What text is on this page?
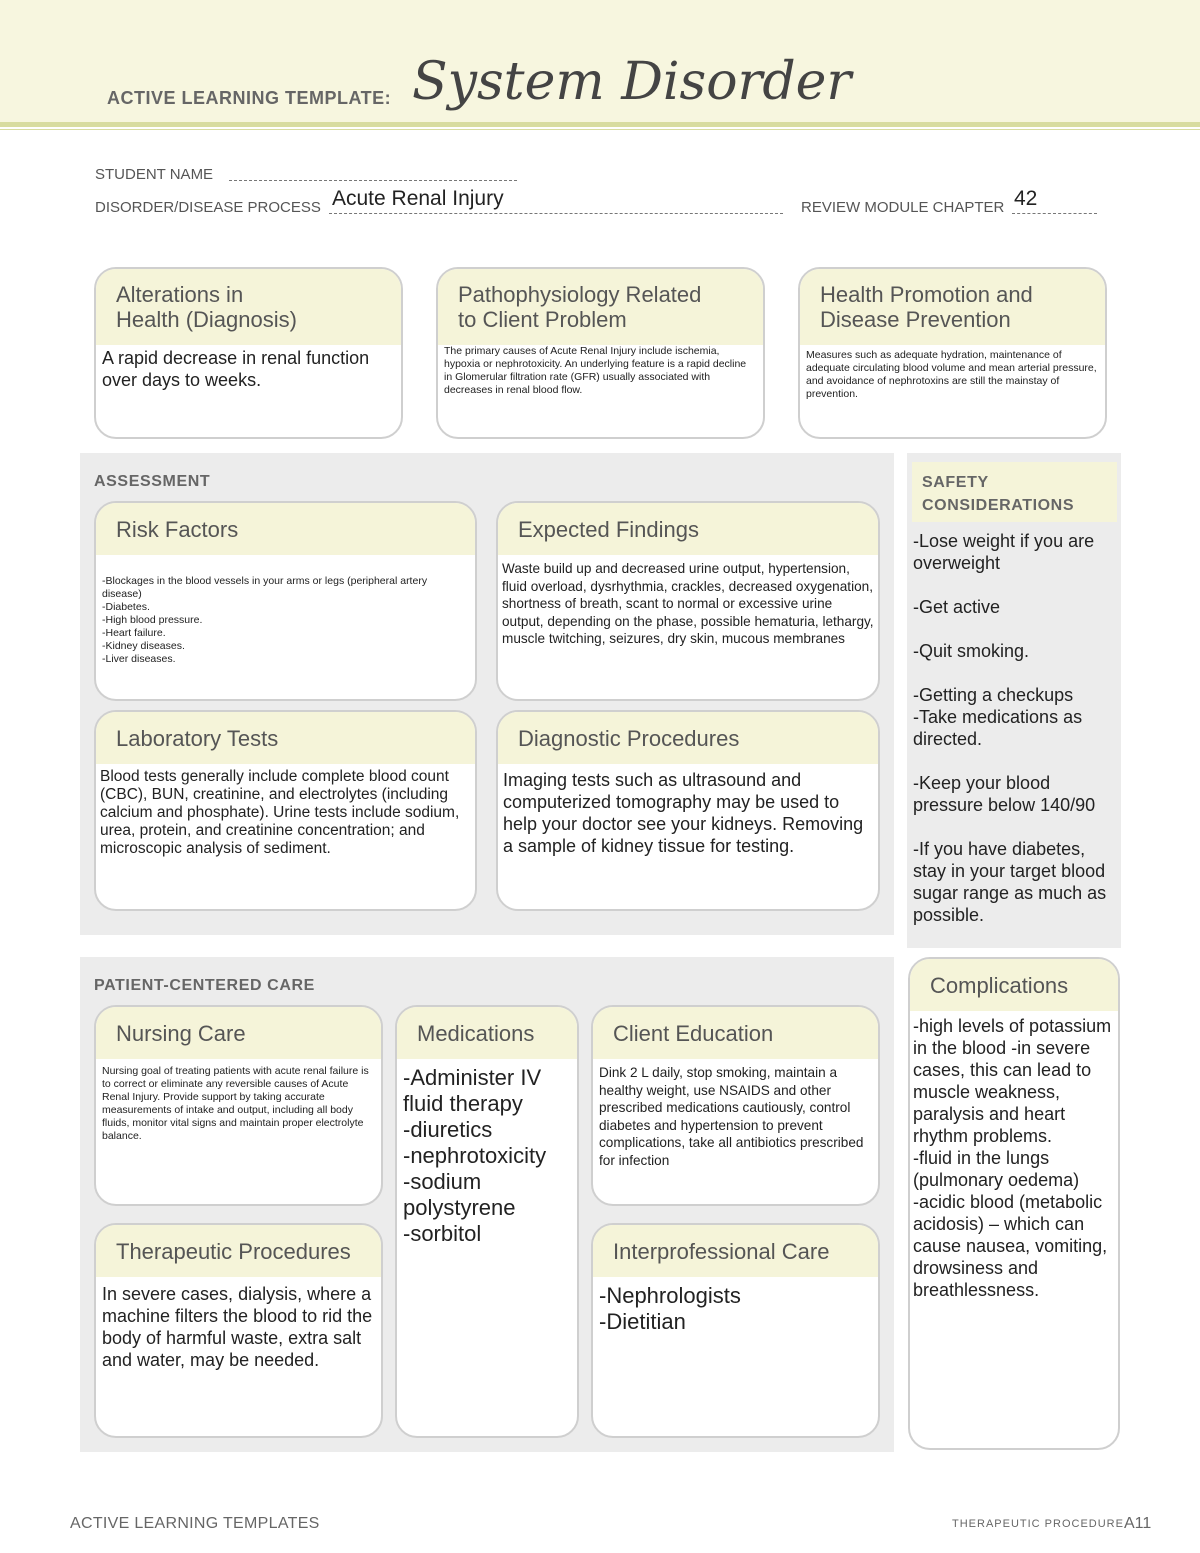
ACTIVE LEARNING TEMPLATE: System Disorder
STUDENT NAME
DISORDER/DISEASE PROCESS Acute Renal Injury	REVIEW MODULE CHAPTER 42
Alterations in
Health (Diagnosis)
A rapid decrease in renal function over days to weeks.
Pathophysiology Related
to Client Problem
The primary causes of Acute Renal Injury include ischemia, hypoxia or nephrotoxicity. An underlying feature is a rapid decline in Glomerular filtration rate (GFR) usually associated with decreases in renal blood flow.
Health Promotion and
Disease Prevention
Measures such as adequate hydration, maintenance of adequate circulating blood volume and mean arterial pressure, and avoidance of nephrotoxins are still the mainstay of prevention.
ASSESSMENT
Risk Factors
-Blockages in the blood vessels in your arms or legs (peripheral artery disease)
-Diabetes.
-High blood pressure.
-Heart failure.
-Kidney diseases.
-Liver diseases.
Expected Findings
Waste build up and decreased urine output, hypertension, fluid overload, dysrhythmia, crackles, decreased oxygenation, shortness of breath, scant to normal or excessive urine output, depending on the phase, possible hematuria, lethargy, muscle twitching, seizures, dry skin, mucous membranes
Laboratory Tests
Blood tests generally include complete blood count (CBC), BUN, creatinine, and electrolytes (including calcium and phosphate). Urine tests include sodium, urea, protein, and creatinine concentration; and microscopic analysis of sediment.
Diagnostic Procedures
Imaging tests such as ultrasound and computerized tomography may be used to help your doctor see your kidneys. Removing a sample of kidney tissue for testing.
SAFETY
CONSIDERATIONS

-Lose weight if you are overweight

-Get active

-Quit smoking.

-Getting a checkups
-Take medications as directed.

-Keep your blood pressure below 140/90

-If you have diabetes, stay in your target blood sugar range as much as possible.

PATIENT-CENTERED CARE
Nursing Care
Nursing goal of treating patients with acute renal failure is to correct or eliminate any reversible causes of Acute Renal Injury. Provide support by taking accurate measurements of intake and output, including all body fluids, monitor vital signs and maintain proper electrolyte balance.
Medications
-Administer IV fluid therapy
-diuretics
-nephrotoxicity
-sodium polystyrene
-sorbitol
Client Education
Dink 2 L daily, stop smoking, maintain a healthy weight, use NSAIDS and other prescribed medications cautiously, control diabetes and hypertension to prevent complications, take all antibiotics prescribed for infection
Therapeutic Procedures
In severe cases, dialysis, where a machine filters the blood to rid the body of harmful waste, extra salt and water, may be needed.
Interprofessional Care
-Nephrologists
-Dietitian
Complications
-high levels of potassium in the blood -in severe cases, this can lead to muscle weakness, paralysis and heart rhythm problems.
-fluid in the lungs (pulmonary oedema)
-acidic blood (metabolic acidosis) – which can cause nausea, vomiting, drowsiness and breathlessness.
ACTIVE LEARNING TEMPLATES	THERAPEUTIC PROCEDURE A11
